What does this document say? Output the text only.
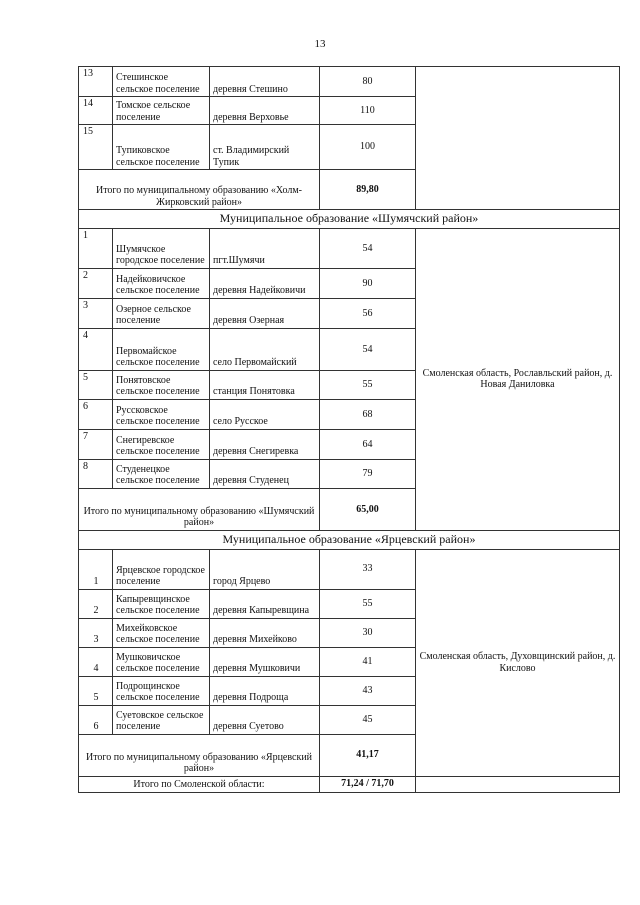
13
13	Стешинское сельское поселение	деревня Стешино	80	
14	Томское сельское поселение	деревня Верховье	110	
15	Тупиковское сельское поселение	ст. Владимирский Тупик	100	
Итого по муниципальному образованию «Холм-Жирковский район»			89,80	
Муниципальное образование «Шумячский район»				
1	Шумячское городское поселение	пгт.Шумячи	54	Смоленская область, Рославльский район, д. Новая Даниловка
2	Надейковичское сельское поселение	деревня Надейковичи	90	
3	Озерное сельское поселение	деревня Озерная	56	
4	Первомайское сельское поселение	село Первомайский	54	
5	Понятовское сельское поселение	станция Понятовка	55	
6	Руссковское сельское поселение	село Русское	68	
7	Снегиревское сельское поселение	деревня Снегиревка	64	
8	Студенецкое сельское поселение	деревня Студенец	79	
Итого по муниципальному образованию «Шумячский район»			65,00	
Муниципальное образование «Ярцевский район»				
1	Ярцевское городское поселение	город Ярцево	33	Смоленская область, Духовщинский район, д. Кислово
2	Капыревщинское сельское поселение	деревня Капыревщина	55	
3	Михейковское сельское поселение	деревня Михейково	30	
4	Мушковичское сельское поселение	деревня Мушковичи	41	
5	Подрощинское сельское поселение	деревня Подроща	43	
6	Суетовское сельское поселение	деревня Суетово	45	
Итого по муниципальному образованию «Ярцевский район»			41,17	
Итого по Смоленской области:			71,24 / 71,70	
